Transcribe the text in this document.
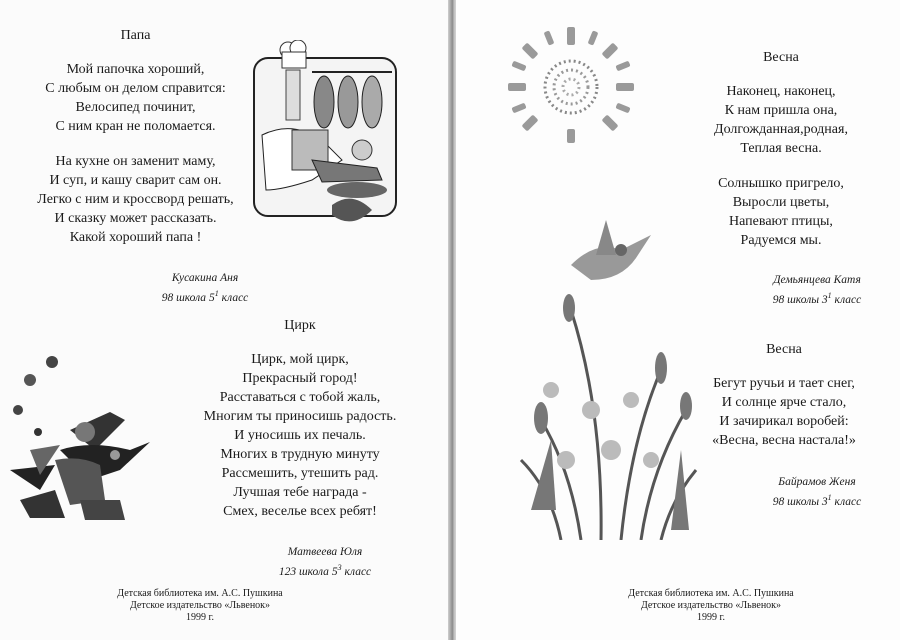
Папа
Мой папочка хороший,
С любым он делом справится:
Велосипед починит,
С ним кран не поломается.
На кухне он заменит маму,
И суп, и кашу сварит сам он.
Легко с ним и кроссворд решать,
И сказку может рассказать.
Какой хороший папа !
Кусакина Аня
98 школа $5^1$ класс
Цирк
Цирк, мой цирк,
Прекрасный город!
Расставаться с тобой жаль,
Многим ты приносишь радость.
И уносишь их печаль.
Многих в трудную минуту
Рассмешить, утешить рад.
Лучшая тебе награда -
Смех, веселье всех ребят!
Матвеева Юля
123 школа $5^3$ класс
Детская библиотека им. А.С. Пушкина
Детское издательство «Львенок»
1999 г.
Весна
Наконец, наконец,
К нам пришла она,
Долгожданная,родная,
Теплая весна.
Солнышко пригрело,
Выросли цветы,
Напевают птицы,
Радуемся мы.
Демьянцева Катя
98 школы $3^1$ класс
Весна
Бегут ручьи и тает снег,
И солнце ярче стало,
И зачирикал воробей:
«Весна, весна настала!»
Байрамов Женя
98 школы $3^1$ класс
Детская библиотека им. А.С. Пушкина
Детское издательство «Львенок»
1999 г.
